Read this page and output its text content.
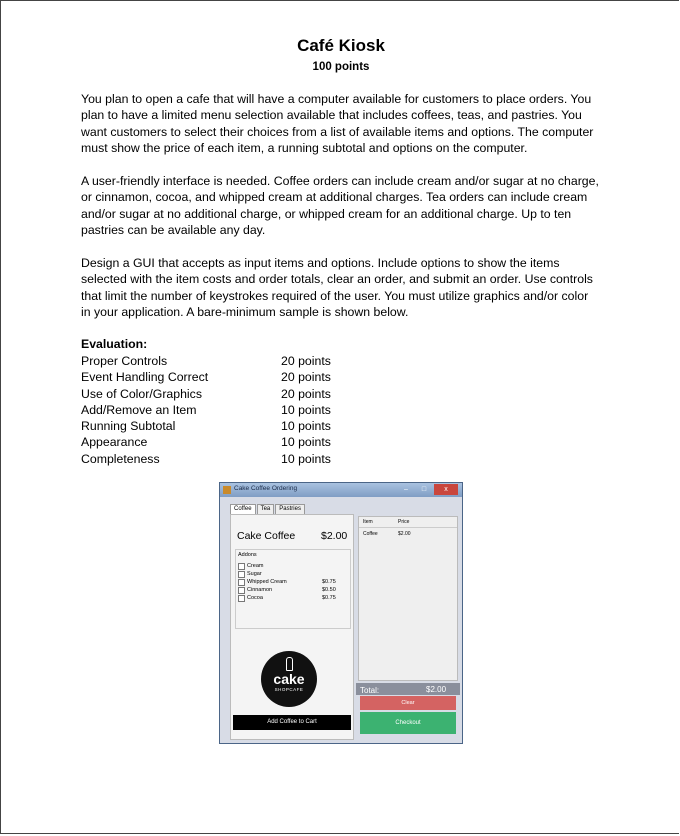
Café Kiosk
100 points

You plan to open a cafe that will have a computer available for customers to place orders. You plan to have a limited menu selection available that includes coffees, teas, and pastries. You want customers to select their choices from a list of available items and options. The computer must show the price of each item, a running subtotal and options on the computer.

A user-friendly interface is needed. Coffee orders can include cream and/or sugar at no charge, or cinnamon, cocoa, and whipped cream at additional charges. Tea orders can include cream and/or sugar at no additional charge, or whipped cream for an additional charge. Up to ten pastries can be available any day.

Design a GUI that accepts as input items and options. Include options to show the items selected with the item costs and order totals, clear an order, and submit an order. Use controls that limit the number of keystrokes required of the user. You must utilize graphics and/or color in your application. A bare-minimum sample is shown below.

Evaluation:
Proper Controls	20 points
Event Handling Correct	20 points
Use of Color/Graphics	20 points
Add/Remove an Item	10 points
Running Subtotal	10 points
Appearance	10 points
Completeness	10 points
Cake Coffee Ordering	–	□	x
Coffee	Tea	Pastries
Cake Coffee $2.00
Addons
Cream
Sugar
Whipped Cream	$0.75
Cinnamon	$0.50
Cocoa	$0.75
cake
SHOPCAFE
Add Coffee to Cart
Item	Price
Coffee	$2.00
Total:	$2.00
Clear
Checkout
